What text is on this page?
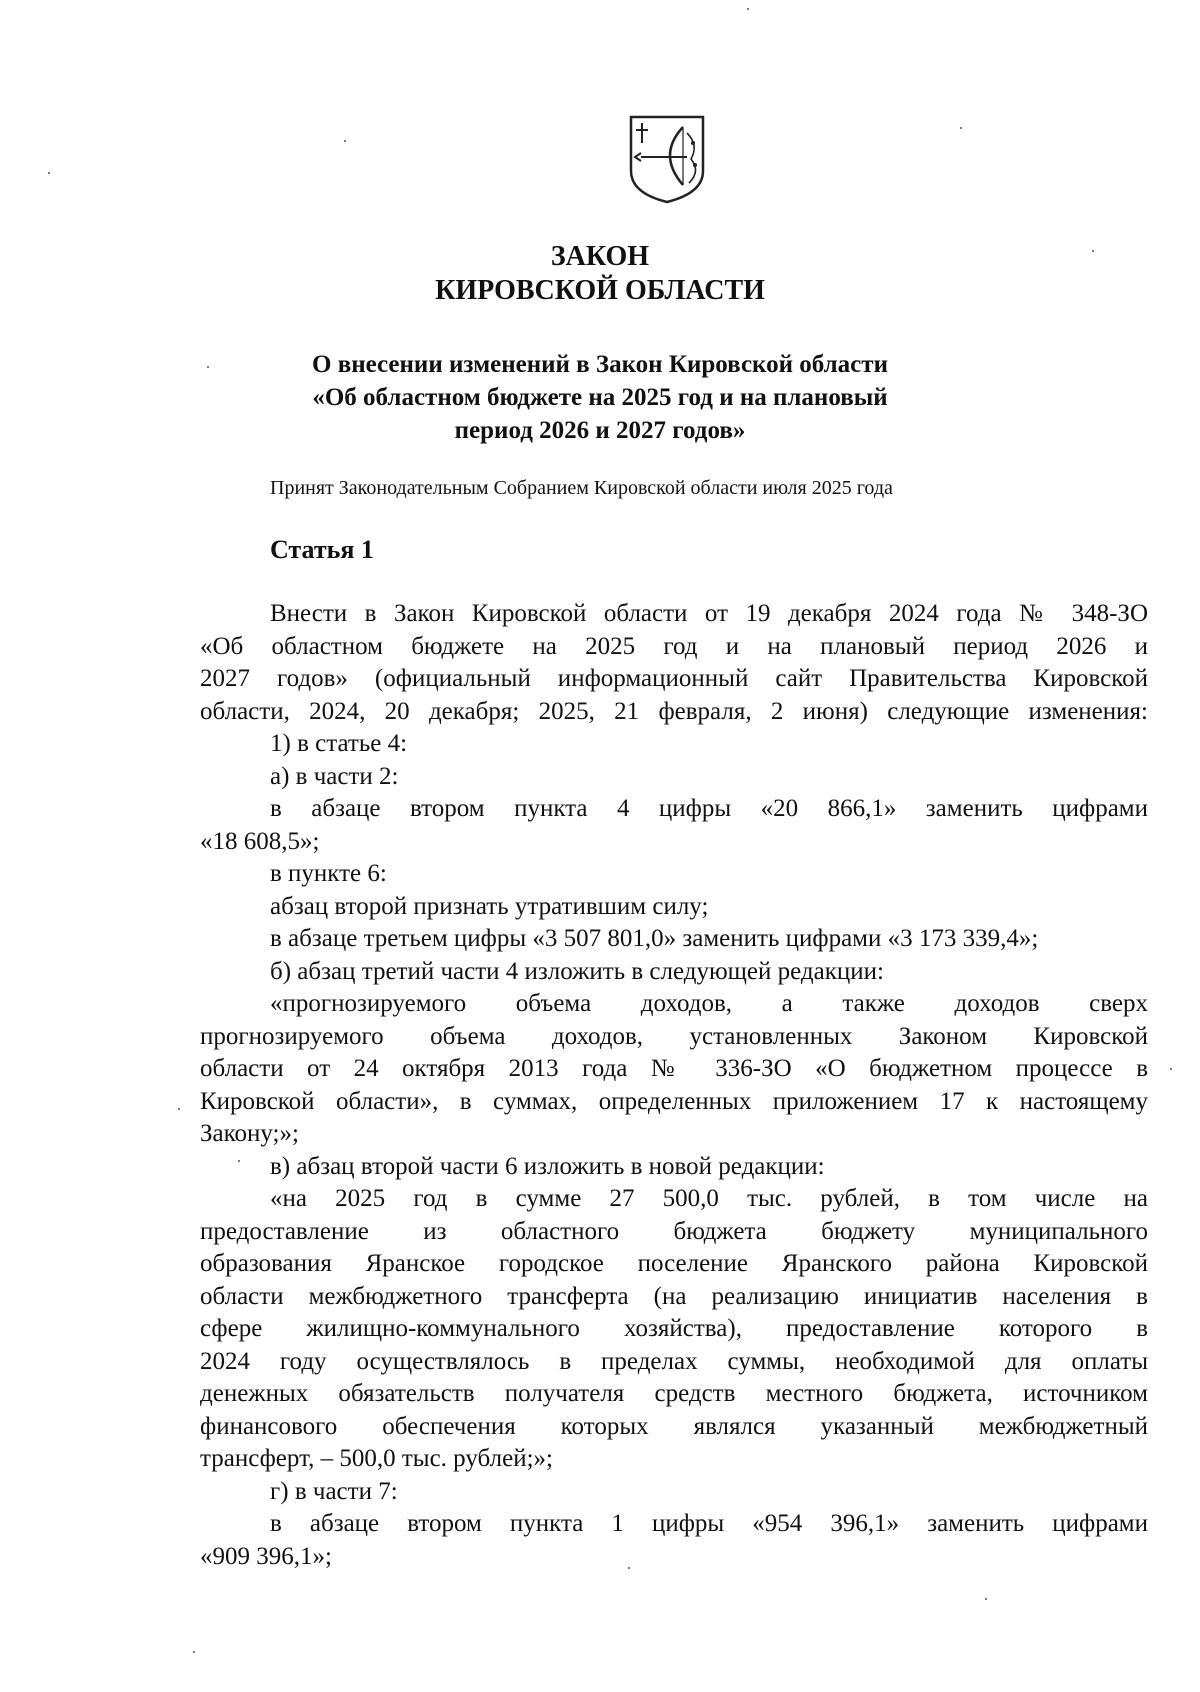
ЗАКОН
КИРОВСКОЙ ОБЛАСТИ
О внесении изменений в Закон Кировской области
«Об областном бюджете на 2025 год и на плановый
период 2026 и 2027 годов»
Принят Законодательным Собранием Кировской области июля 2025 года
Статья 1

Внести в Закон Кировской области от 19 декабря 2024 года № 348-ЗО

«Об областном бюджете на 2025 год и на плановый период 2026 и

2027 годов» (официальный информационный сайт Правительства Кировской

области, 2024, 20 декабря; 2025, 21 февраля, 2 июня) следующие изменения:

1) в статье 4:

а) в части 2:

в абзаце втором пункта 4 цифры «20 866,1» заменить цифрами

«18 608,5»;

в пункте 6:

абзац второй признать утратившим силу;

в абзаце третьем цифры «3 507 801,0» заменить цифрами «3 173 339,4»;

б) абзац третий части 4 изложить в следующей редакции:

«прогнозируемого объема доходов, а также доходов сверх

прогнозируемого объема доходов, установленных Законом Кировской

области от 24 октября 2013 года № 336-ЗО «О бюджетном процессе в

Кировской области», в суммах, определенных приложением 17 к настоящему

Закону;»;

в) абзац второй части 6 изложить в новой редакции:

«на 2025 год в сумме 27 500,0 тыс. рублей, в том числе на

предоставление из областного бюджета бюджету муниципального

образования Яранское городское поселение Яранского района Кировской

области межбюджетного трансферта (на реализацию инициатив населения в

сфере жилищно-коммунального хозяйства), предоставление которого в

2024 году осуществлялось в пределах суммы, необходимой для оплаты

денежных обязательств получателя средств местного бюджета, источником

финансового обеспечения которых являлся указанный межбюджетный

трансферт, – 500,0 тыс. рублей;»;

г) в части 7:

в абзаце втором пункта 1 цифры «954 396,1» заменить цифрами

«909 396,1»;
